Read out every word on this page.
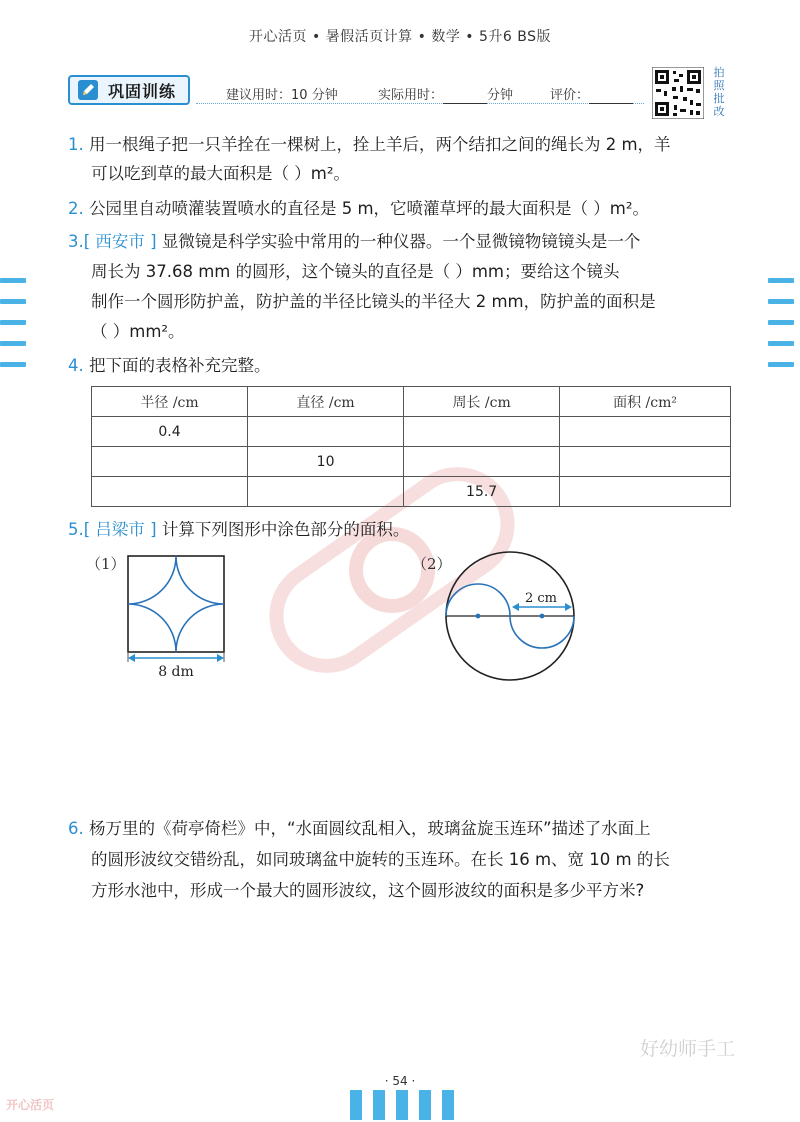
开心活页 • 暑假活页计算 • 数学 • 5升6 BS版
巩固训练	建议用时：10 分钟	实际用时：	分钟	评价：
拍
照
批
改
1. 用一根绳子把一只羊拴在一棵树上，拴上羊后，两个结扣之间的绳长为 2 m，羊
可以吃到草的最大面积是（ ）m²。
2. 公园里自动喷灌装置喷水的直径是 5 m，它喷灌草坪的最大面积是（ ）m²。
3.[ 西安市 ] 显微镜是科学实验中常用的一种仪器。一个显微镜物镜镜头是一个
周长为 37.68 mm 的圆形，这个镜头的直径是（ ）mm；要给这个镜头
制作一个圆形防护盖，防护盖的半径比镜头的半径大 2 mm，防护盖的面积是
（ ）mm²。
4. 把下面的表格补充完整。
半径 /cm	直径 /cm	周长 /cm	面积 /cm²
0.4			
	10		
		15.7	
5.[ 吕梁市 ] 计算下列图形中涂色部分的面积。
（1）
8 dm
（2）
2 cm
6. 杨万里的《荷亭倚栏》中，“水面圆纹乱相入，玻璃盆旋玉连环”描述了水面上
的圆形波纹交错纷乱，如同玻璃盆中旋转的玉连环。在长 16 m、宽 10 m 的长
方形水池中，形成一个最大的圆形波纹，这个圆形波纹的面积是多少平方米?
好幼师手工
· 54 ·
开心活页
